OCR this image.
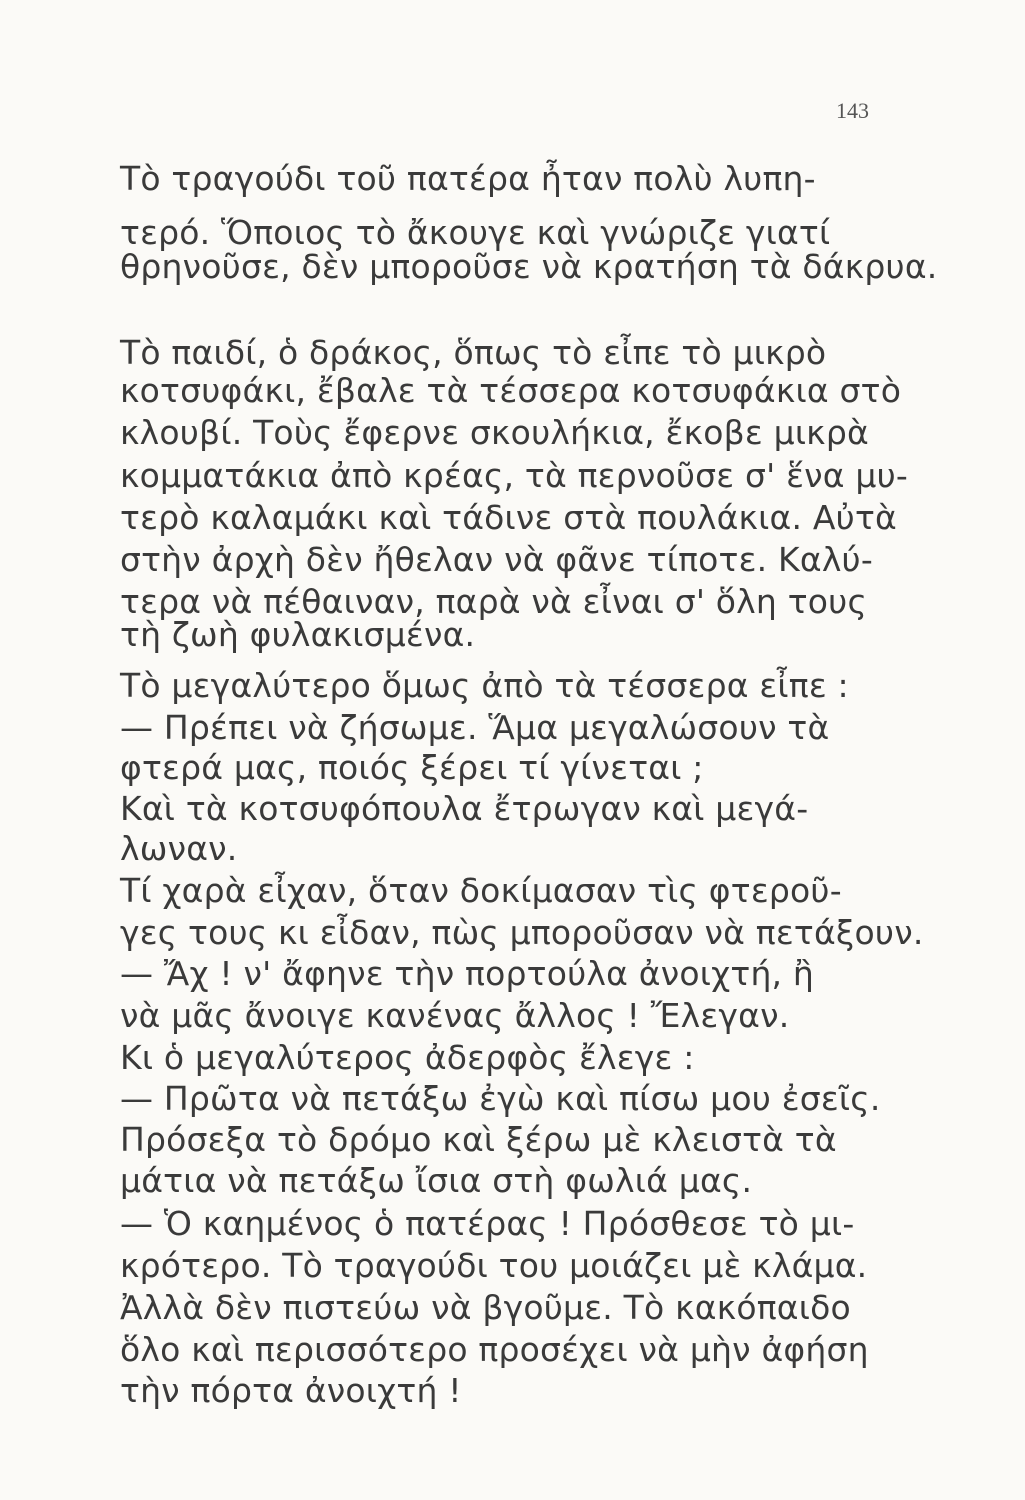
143
Τὸ τραγούδι τοῦ πατέρα ἦταν πολὺ λυπη-
τερό. Ὅποιος τὸ ἄκουγε καὶ γνώριζε γιατί
θρηνοῦσε, δὲν μποροῦσε νὰ κρατήση τὰ δάκρυα.
Τὸ παιδί, ὁ δράκος, ὅπως τὸ εἶπε τὸ μικρὸ
κοτσυφάκι, ἔβαλε τὰ τέσσερα κοτσυφάκια στὸ
κλουβί. Τοὺς ἔφερνε σκουλήκια, ἔκοβε μικρὰ
κομματάκια ἀπὸ κρέας, τὰ περνοῦσε σ' ἕνα μυ-
τερὸ καλαμάκι καὶ τάδινε στὰ πουλάκια. Αὐτὰ
στὴν ἀρχὴ δὲν ἤθελαν νὰ φᾶνε τίποτε. Καλύ-
τερα νὰ πέθαιναν, παρὰ νὰ εἶναι σ' ὅλη τους
τὴ ζωὴ φυλακισμένα.
Τὸ μεγαλύτερο ὅμως ἀπὸ τὰ τέσσερα εἶπε :
— Πρέπει νὰ ζήσωμε. Ἅμα μεγαλώσουν τὰ
φτερά μας, ποιός ξέρει τί γίνεται ;
Καὶ τὰ κοτσυφόπουλα ἔτρωγαν καὶ μεγά-
λωναν.
Τί χαρὰ εἶχαν, ὅταν δοκίμασαν τὶς φτεροῦ-
γες τους κι εἶδαν, πὼς μποροῦσαν νὰ πετάξουν.
— Ἄχ ! ν' ἄφηνε τὴν πορτούλα ἀνοιχτή, ἢ
νὰ μᾶς ἄνοιγε κανένας ἄλλος ! Ἔλεγαν.
Κι ὁ μεγαλύτερος ἀδερφὸς ἔλεγε :
— Πρῶτα νὰ πετάξω ἐγὼ καὶ πίσω μου ἐσεῖς.
Πρόσεξα τὸ δρόμο καὶ ξέρω μὲ κλειστὰ τὰ
μάτια νὰ πετάξω ἴσια στὴ φωλιά μας.
— Ὁ καημένος ὁ πατέρας ! Πρόσθεσε τὸ μι-
κρότερο. Τὸ τραγούδι του μοιάζει μὲ κλάμα.
Ἀλλὰ δὲν πιστεύω νὰ βγοῦμε. Τὸ κακόπαιδο
ὅλο καὶ περισσότερο προσέχει νὰ μὴν ἀφήση
τὴν πόρτα ἀνοιχτή !
